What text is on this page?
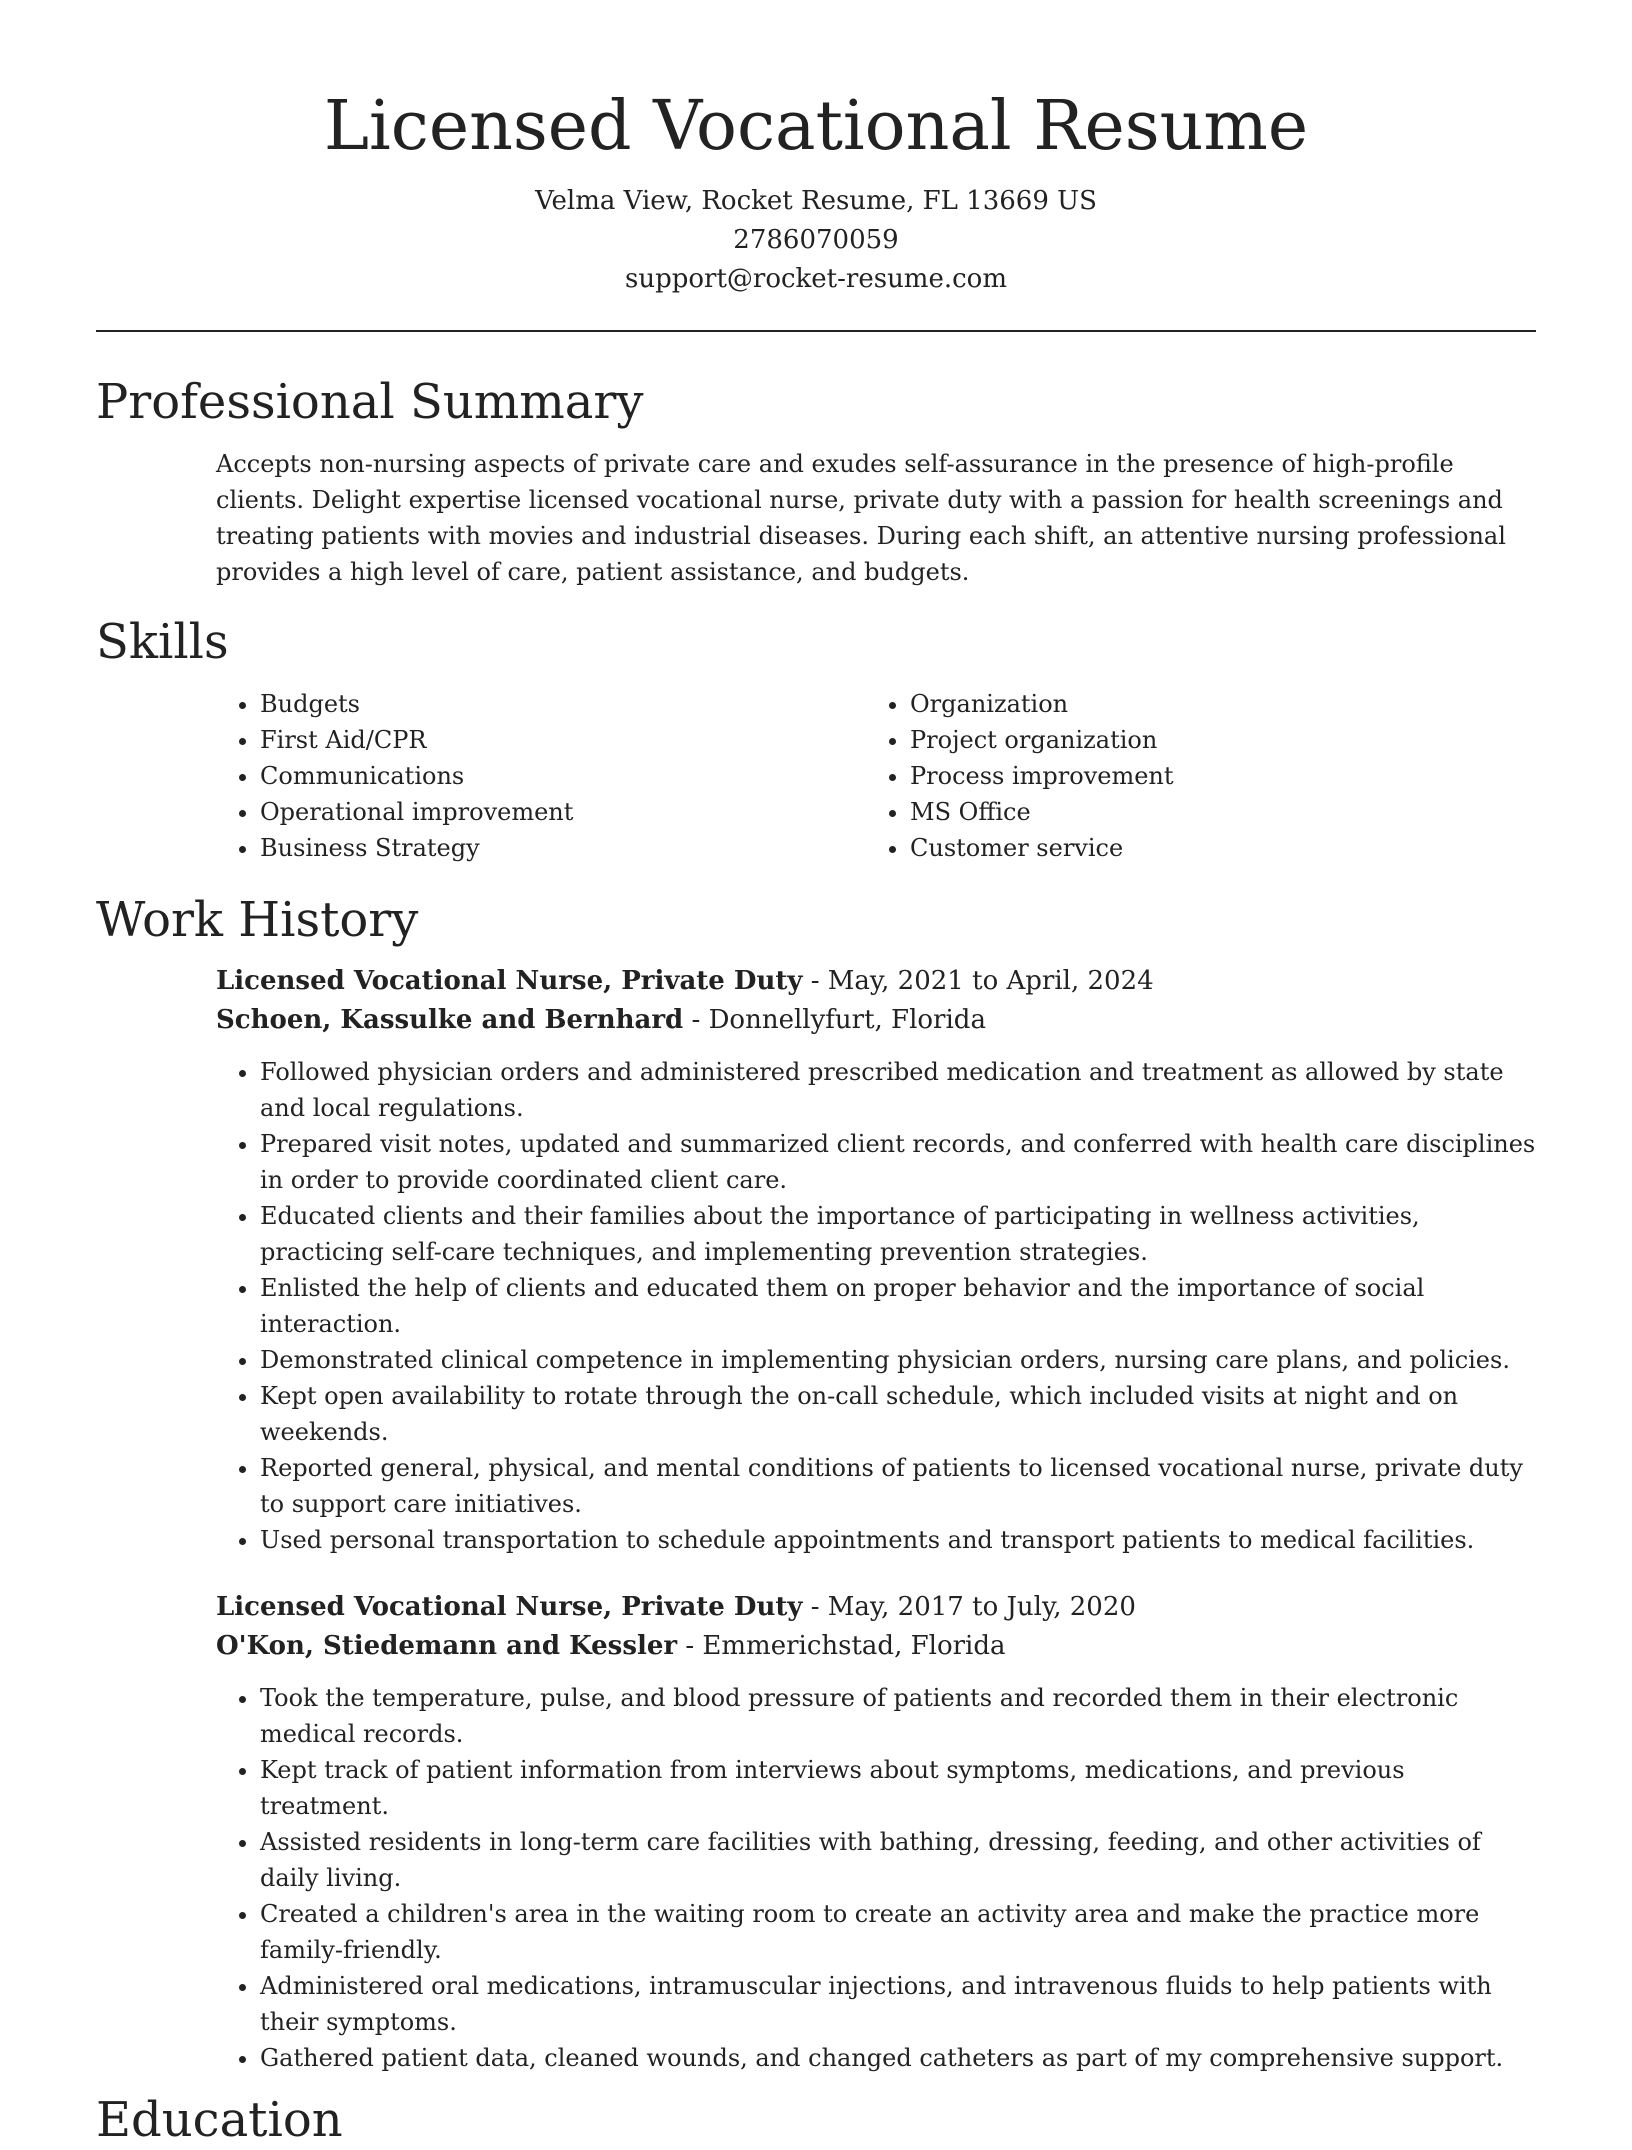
Licensed Vocational Resume
Velma View, Rocket Resume, FL 13669 US
2786070059
support@rocket-resume.com
Professional Summary

Accepts non-nursing aspects of private care and exudes self-assurance in the presence of high-profile clients. Delight expertise licensed vocational nurse, private duty with a passion for health screenings and treating patients with movies and industrial diseases. During each shift, an attentive nursing professional provides a high level of care, patient assistance, and budgets.

Skills
• Budgets
• First Aid/CPR
• Communications
• Operational improvement
• Business Strategy
• Organization
• Project organization
• Process improvement
• MS Office
• Customer service
Work History
Licensed Vocational Nurse, Private Duty - May, 2021 to April, 2024
Schoen, Kassulke and Bernhard - Donnellyfurt, Florida
• Followed physician orders and administered prescribed medication and treatment as allowed by state and local regulations.
• Prepared visit notes, updated and summarized client records, and conferred with health care disciplines in order to provide coordinated client care.
• Educated clients and their families about the importance of participating in wellness activities, practicing self-care techniques, and implementing prevention strategies.
• Enlisted the help of clients and educated them on proper behavior and the importance of social interaction.
• Demonstrated clinical competence in implementing physician orders, nursing care plans, and policies.
• Kept open availability to rotate through the on-call schedule, which included visits at night and on weekends.
• Reported general, physical, and mental conditions of patients to licensed vocational nurse, private duty to support care initiatives.
• Used personal transportation to schedule appointments and transport patients to medical facilities.
Licensed Vocational Nurse, Private Duty - May, 2017 to July, 2020
O'Kon, Stiedemann and Kessler - Emmerichstad, Florida
• Took the temperature, pulse, and blood pressure of patients and recorded them in their electronic medical records.
• Kept track of patient information from interviews about symptoms, medications, and previous treatment.
• Assisted residents in long-term care facilities with bathing, dressing, feeding, and other activities of daily living.
• Created a children's area in the waiting room to create an activity area and make the practice more family-friendly.
• Administered oral medications, intramuscular injections, and intravenous fluids to help patients with their symptoms.
• Gathered patient data, cleaned wounds, and changed catheters as part of my comprehensive support.
Education
